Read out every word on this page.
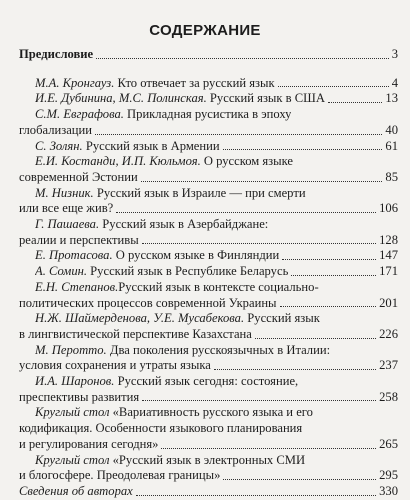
СОДЕРЖАНИЕ
Предисловие	3
М.А. Кронгауз. Кто отвечает за русский язык	4
И.Е. Дубинина, М.С. Полинская. Русский язык в США	13
С.М. Евграфова. Прикладная русистика в эпоху
глобализации	40
С. Золян. Русский язык в Армении	61
Е.И. Костанди, И.П. Кюльмоя. О русском языке
современной Эстонии	85
М. Низник. Русский язык в Израиле — при смерти
или все еще жив?	106
Г. Пашаева. Русский язык в Азербайджане:
реалии и перспективы	128
Е. Протасова. О русском языке в Финляндии	147
А. Сомин. Русский язык в Республике Беларусь	171
Е.Н. Степанов.Русский язык в контексте социально-
политических процессов современной Украины	201
Н.Ж. Шаймерденова, У.Е. Мусабекова. Русский язык
в лингвистической перспективе Казахстана	226
М. Перотто. Два поколения русскоязычных в Италии:
условия сохранения и утраты языка	237
И.А. Шаронов. Русский язык сегодня: состояние,
преспективы развития	258
Круглый стол «Вариативность русского языка и его
кодификация. Особенности языкового планирования
и регулирования сегодня»	265
Круглый стол «Русский язык в электронных СМИ
и блогосфере. Преодолевая границы»	295
Сведения об авторах	330
